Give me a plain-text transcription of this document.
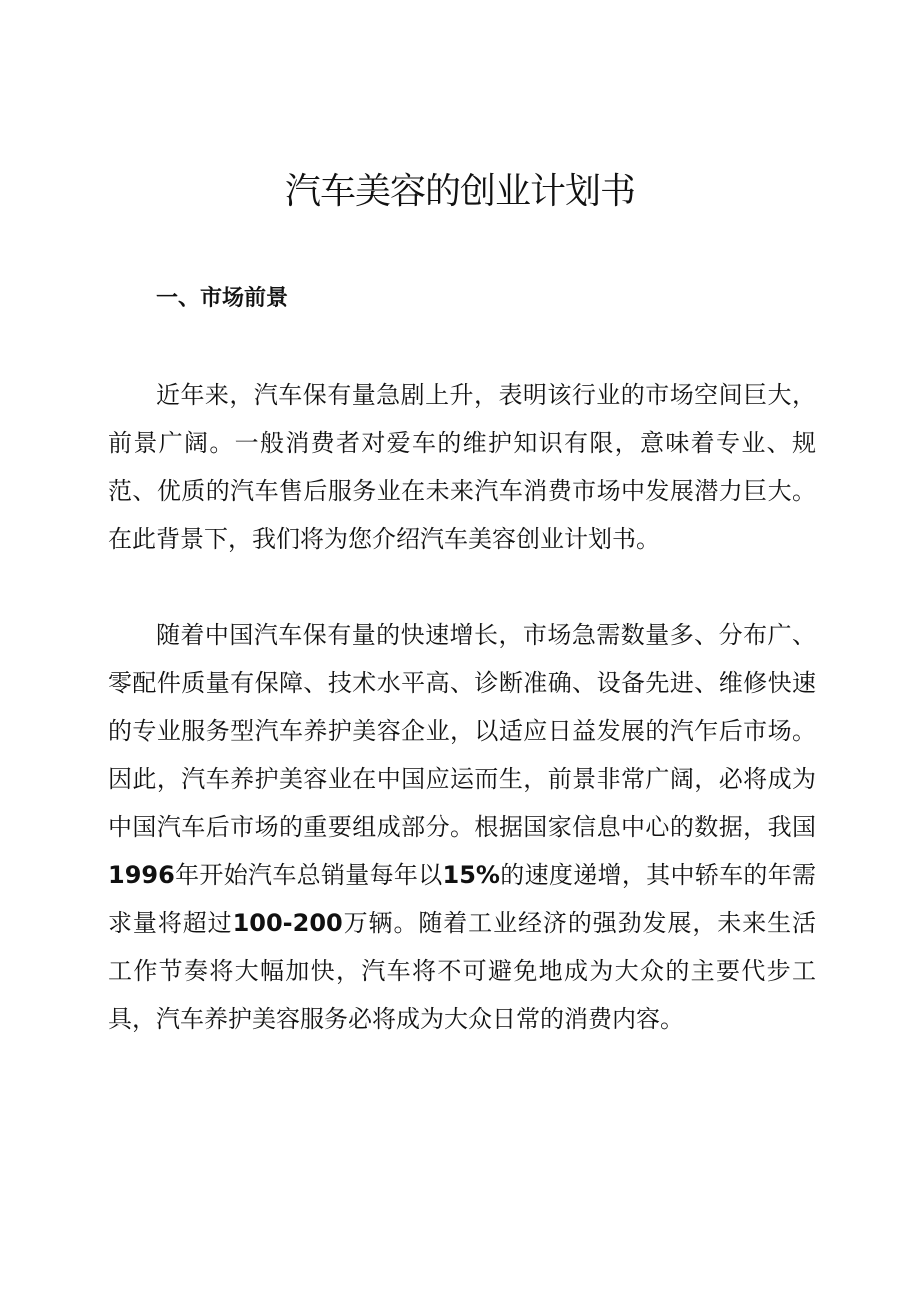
汽车美容的创业计划书
一、市场前景

近年来，汽车保有量急剧上升，表明该行业的市场空间巨大，前景广阔。一般消费者对爱车的维护知识有限，意味着专业、规范、优质的汽车售后服务业在未来汽车消费市场中发展潜力巨大。在此背景下，我们将为您介绍汽车美容创业计划书。

随着中国汽车保有量的快速增长，市场急需数量多、分布广、零配件质量有保障、技术水平高、诊断准确、设备先进、维修快速的专业服务型汽车养护美容企业，以适应日益发展的汽乍后市场。因此，汽车养护美容业在中国应运而生，前景非常广阔，必将成为中国汽车后市场的重要组成部分。根据国家信息中心的数据，我国1996年开始汽车总销量每年以15%的速度递增，其中轿车的年需求量将超过100-200万辆。随着工业经济的强劲发展，未来生活工作节奏将大幅加快，汽车将不可避免地成为大众的主要代步工具，汽车养护美容服务必将成为大众日常的消费内容。
